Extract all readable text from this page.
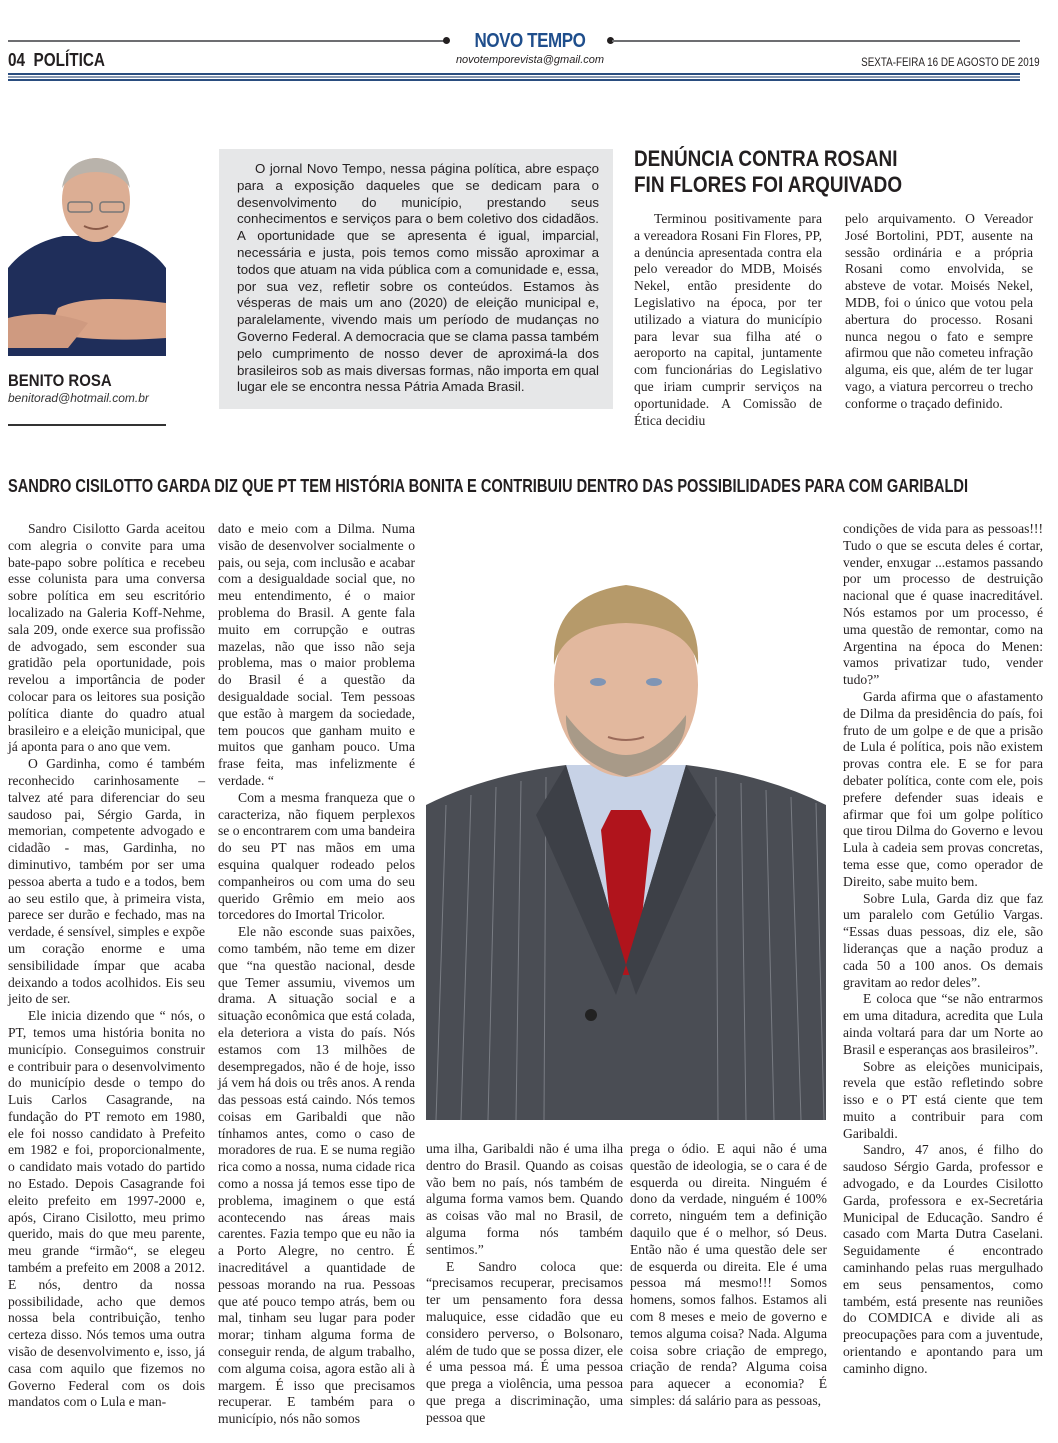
NOVO TEMPO
novotemporevista@gmail.com
04 POLÍTICA	SEXTA-FEIRA 16 DE AGOSTO DE 2019
BENITO ROSA
benitorad@hotmail.com.br

O jornal Novo Tempo, nessa página política, abre espaço para a exposição daqueles que se dedicam para o desenvolvimento do município, prestando seus conhecimentos e serviços para o bem coletivo dos cidadãos. A oportunidade que se apresenta é igual, imparcial, necessária e justa, pois temos como missão aproximar a todos que atuam na vida pública com a comunidade e, essa, por sua vez, refletir sobre os conteúdos. Estamos às vésperas de mais um ano (2020) de eleição municipal e, paralelamente, vivendo mais um período de mudanças no Governo Federal. A democracia que se clama passa também pelo cumprimento de nosso dever de aproximá-la dos brasileiros sob as mais diversas formas, não importa em qual lugar ele se encontra nessa Pátria Amada Brasil.

DENÚNCIA CONTRA ROSANI
FIN FLORES FOI ARQUIVADO

Terminou positivamente para a vereadora Rosani Fin Flores, PP, a denúncia apresentada contra ela pelo vereador do MDB, Moisés Nekel, então presidente do Legislativo na época, por ter utilizado a viatura do município para levar sua filha até o aeroporto na capital, juntamente com funcionárias do Legislativo que iriam cumprir serviços na oportunidade. A Comissão de Ética decidiu

pelo arquivamento. O Vereador José Bortolini, PDT, ausente na sessão ordinária e a própria Rosani como envolvida, se absteve de votar. Moisés Nekel, MDB, foi o único que votou pela abertura do processo. Rosani nunca negou o fato e sempre afirmou que não cometeu infração alguma, eis que, além de ter lugar vago, a viatura percorreu o trecho conforme o traçado definido.

SANDRO CISILOTTO GARDA DIZ QUE PT TEM HISTÓRIA BONITA E CONTRIBUIU DENTRO DAS POSSIBILIDADES PARA COM GARIBALDI

Sandro Cisilotto Garda aceitou com alegria o convite para uma bate-papo sobre política e recebeu esse colunista para uma conversa sobre política em seu escritório localizado na Galeria Koff-Nehme, sala 209, onde exerce sua profissão de advogado, sem esconder sua gratidão pela oportunidade, pois revelou a importância de poder colocar para os leitores sua posição política diante do quadro atual brasileiro e a eleição municipal, que já aponta para o ano que vem.

O Gardinha, como é também reconhecido carinhosamente – talvez até para diferenciar do seu saudoso pai, Sérgio Garda, in memorian, competente advogado e cidadão - mas, Gardinha, no diminutivo, também por ser uma pessoa aberta a tudo e a todos, bem ao seu estilo que, à primeira vista, parece ser durão e fechado, mas na verdade, é sensível, simples e expõe um coração enorme e uma sensibilidade ímpar que acaba deixando a todos acolhidos. Eis seu jeito de ser.

Ele inicia dizendo que “ nós, o PT, temos uma história bonita no município. Conseguimos construir e contribuir para o desenvolvimento do município desde o tempo do Luis Carlos Casagrande, na fundação do PT remoto em 1980, ele foi nosso candidato à Prefeito em 1982 e foi, proporcionalmente, o candidato mais votado do partido no Estado. Depois Casagrande foi eleito prefeito em 1997-2000 e, após, Cirano Cisilotto, meu primo querido, mais do que meu parente, meu grande “irmão“, se elegeu também a prefeito em 2008 a 2012. E nós, dentro da nossa possibilidade, acho que demos nossa bela contribuição, tenho certeza disso. Nós temos uma outra visão de desenvolvimento e, isso, já casa com aquilo que fizemos no Governo Federal com os dois mandatos com o Lula e man-

dato e meio com a Dilma. Numa visão de desenvolver socialmente o pais, ou seja, com inclusão e acabar com a desigualdade social que, no meu entendimento, é o maior problema do Brasil. A gente fala muito em corrupção e outras mazelas, não que isso não seja problema, mas o maior problema do Brasil é a questão da desigualdade social. Tem pessoas que estão à margem da sociedade, tem poucos que ganham muito e muitos que ganham pouco. Uma frase feita, mas infelizmente é verdade. “

Com a mesma franqueza que o caracteriza, não fiquem perplexos se o encontrarem com uma bandeira do seu PT nas mãos em uma esquina qualquer rodeado pelos companheiros ou com uma do seu querido Grêmio em meio aos torcedores do Imortal Tricolor.

Ele não esconde suas paixões, como também, não teme em dizer que “na questão nacional, desde que Temer assumiu, vivemos um drama. A situação social e a situação econômica que está colada, ela deteriora a vista do país. Nós estamos com 13 milhões de desempregados, não é de hoje, isso já vem há dois ou três anos. A renda das pessoas está caindo. Nós temos coisas em Garibaldi que não tínhamos antes, como o caso de moradores de rua. E se numa região rica como a nossa, numa cidade rica como a nossa já temos esse tipo de problema, imaginem o que está acontecendo nas áreas mais carentes. Fazia tempo que eu não ia a Porto Alegre, no centro. É inacreditável a quantidade de pessoas morando na rua. Pessoas que até pouco tempo atrás, bem ou mal, tinham seu lugar para poder morar; tinham alguma forma de conseguir renda, de algum trabalho, com alguma coisa, agora estão ali à margem. É isso que precisamos recuperar. E também para o município, nós não somos

uma ilha, Garibaldi não é uma ilha dentro do Brasil. Quando as coisas vão bem no país, nós também de alguma forma vamos bem. Quando as coisas vão mal no Brasil, de alguma forma nós também sentimos.”

E Sandro coloca que: “precisamos recuperar, precisamos ter um pensamento fora dessa maluquice, esse cidadão que eu considero perverso, o Bolsonaro, além de tudo que se possa dizer, ele é uma pessoa má. É uma pessoa que prega a violência, uma pessoa que prega a discriminação, uma pessoa que

prega o ódio. E aqui não é uma questão de ideologia, se o cara é de esquerda ou direita. Ninguém é dono da verdade, ninguém é 100% correto, ninguém tem a definição daquilo que é o melhor, só Deus. Então não é uma questão dele ser de esquerda ou direita. Ele é uma pessoa má mesmo!!! Somos homens, somos falhos. Estamos ali com 8 meses e meio de governo e temos alguma coisa? Nada. Alguma coisa sobre criação de emprego, criação de renda? Alguma coisa para aquecer a economia? É simples: dá salário para as pessoas,

condições de vida para as pessoas!!! Tudo o que se escuta deles é cortar, vender, enxugar ...estamos passando por um processo de destruição nacional que é quase inacreditável. Nós estamos por um processo, é uma questão de remontar, como na Argentina na época do Menen: vamos privatizar tudo, vender tudo?”

Garda afirma que o afastamento de Dilma da presidência do país, foi fruto de um golpe e de que a prisão de Lula é política, pois não existem provas contra ele. E se for para debater política, conte com ele, pois prefere defender suas ideais e afirmar que foi um golpe político que tirou Dilma do Governo e levou Lula à cadeia sem provas concretas, tema esse que, como operador de Direito, sabe muito bem.

Sobre Lula, Garda diz que faz um paralelo com Getúlio Vargas. “Essas duas pessoas, diz ele, são lideranças que a nação produz a cada 50 a 100 anos. Os demais gravitam ao redor deles”.

E coloca que “se não entrarmos em uma ditadura, acredita que Lula ainda voltará para dar um Norte ao Brasil e esperanças aos brasileiros”.

Sobre as eleições municipais, revela que estão refletindo sobre isso e o PT está ciente que tem muito a contribuir para com Garibaldi.

Sandro, 47 anos, é filho do saudoso Sérgio Garda, professor e advogado, e da Lourdes Cisilotto Garda, professora e ex-Secretária Municipal de Educação. Sandro é casado com Marta Dutra Caselani. Seguidamente é encontrado caminhando pelas ruas mergulhado em seus pensamentos, como também, está presente nas reuniões do COMDICA e divide ali as preocupações para com a juventude, orientando e apontando para um caminho digno.
